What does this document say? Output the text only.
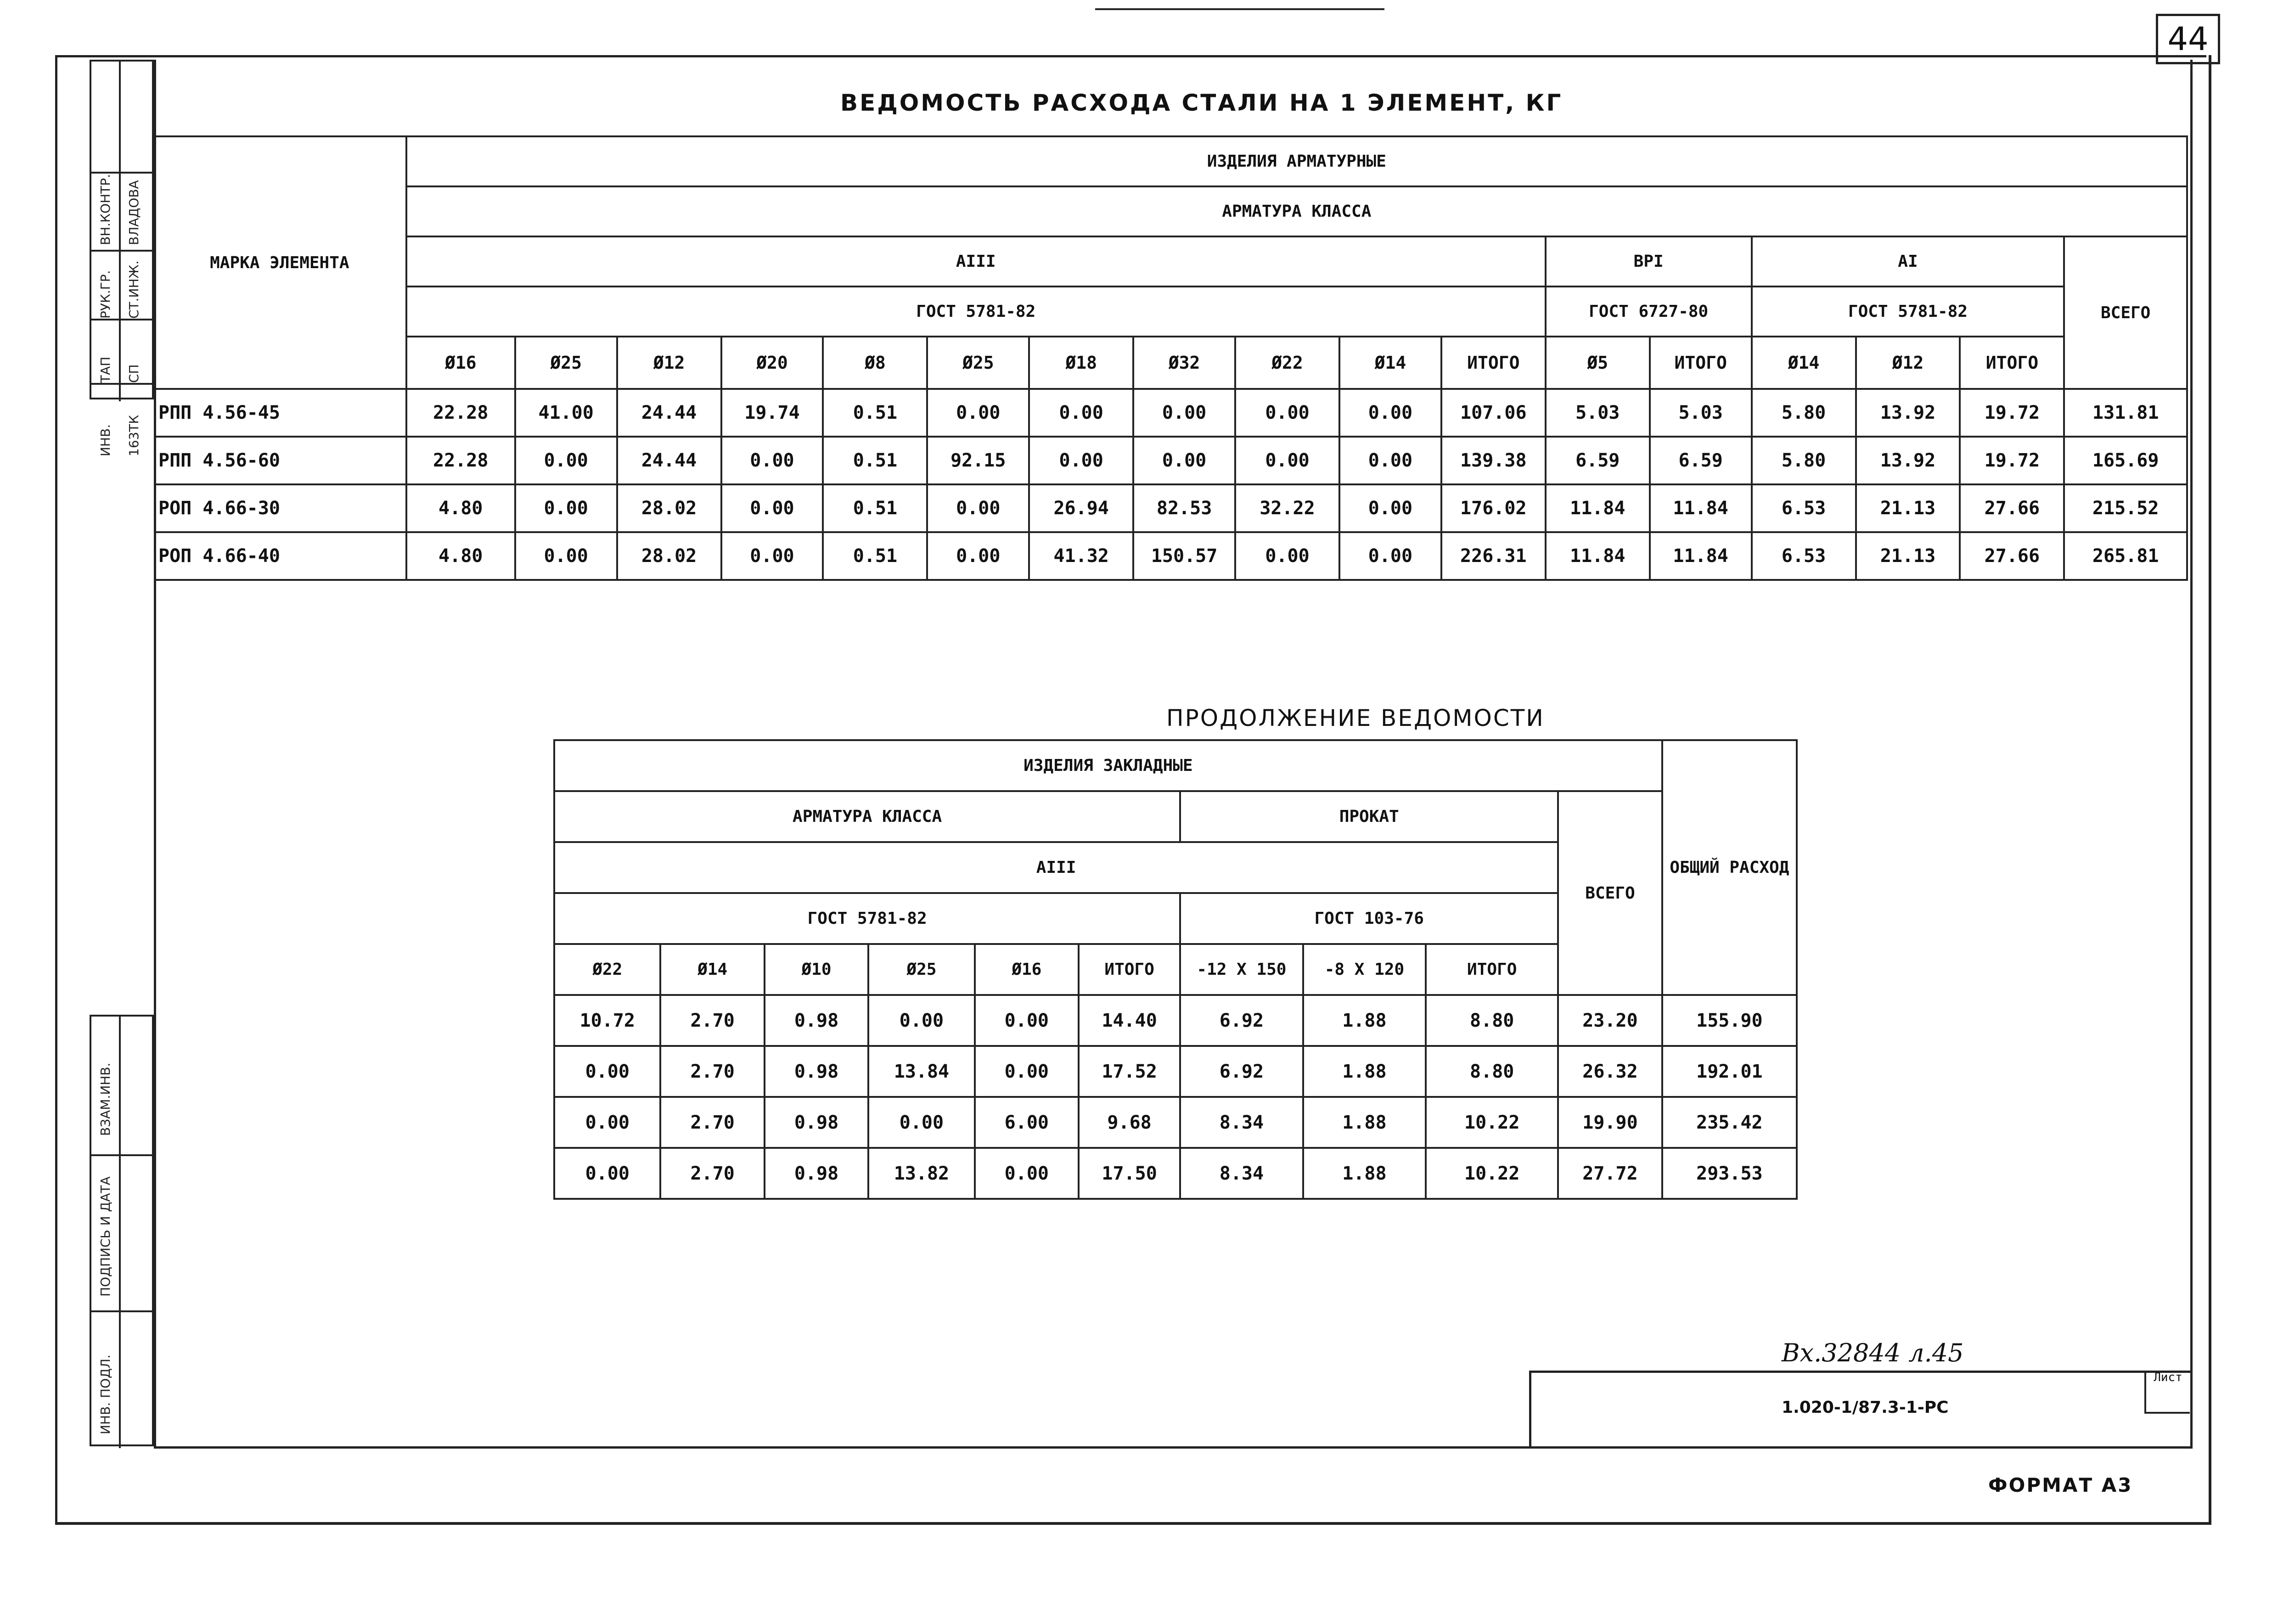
44
ВН.КОНТР. ВЛАДОВА
РУК.ГР. СТ.ИНЖ.
ТАП СП
ИНВ. 163ТК
ВЗАМ.ИНВ.
ПОДПИСЬ И ДАТА
ИНВ. ПОДЛ.
ВЕДОМОСТЬ РАСХОДА СТАЛИ НА 1 ЭЛЕМЕНТ, КГ
МАРКА ЭЛЕМЕНТА	ИЗДЕЛИЯ АРМАТУРНЫЕ																
	АРМАТУРА КЛАССА																
	АIII											ВРI		АI			ВСЕГО
	ГОСТ 5781-82											ГОСТ 6727-80		ГОСТ 5781-82			
	Ø16	Ø25	Ø12	Ø20	Ø8	Ø25	Ø18	Ø32	Ø22	Ø14	ИТОГО	Ø5	ИТОГО	Ø14	Ø12	ИТОГО	
РПП 4.56-45	22.28	41.00	24.44	19.74	0.51	0.00	0.00	0.00	0.00	0.00	107.06	5.03	5.03	5.80	13.92	19.72	131.81
РПП 4.56-60	22.28	0.00	24.44	0.00	0.51	92.15	0.00	0.00	0.00	0.00	139.38	6.59	6.59	5.80	13.92	19.72	165.69
РОП 4.66-30	4.80	0.00	28.02	0.00	0.51	0.00	26.94	82.53	32.22	0.00	176.02	11.84	11.84	6.53	21.13	27.66	215.52
РОП 4.66-40	4.80	0.00	28.02	0.00	0.51	0.00	41.32	150.57	0.00	0.00	226.31	11.84	11.84	6.53	21.13	27.66	265.81
ПРОДОЛЖЕНИЕ ВЕДОМОСТИ
ИЗДЕЛИЯ ЗАКЛАДНЫЕ										ОБЩИЙ РАСХОД
АРМАТУРА КЛАССА						ПРОКАТ			ВСЕГО	
АIII										
ГОСТ 5781-82						ГОСТ 103-76				
Ø22	Ø14	Ø10	Ø25	Ø16	ИТОГО	-12 X 150	-8 X 120	ИТОГО		
10.72	2.70	0.98	0.00	0.00	14.40	6.92	1.88	8.80	23.20	155.90
0.00	2.70	0.98	13.84	0.00	17.52	6.92	1.88	8.80	26.32	192.01
0.00	2.70	0.98	0.00	6.00	9.68	8.34	1.88	10.22	19.90	235.42
0.00	2.70	0.98	13.82	0.00	17.50	8.34	1.88	10.22	27.72	293.53
Вх.32844 л.45
Лист
1.020-1/87.3-1-РС
ФОРМАТ А3
